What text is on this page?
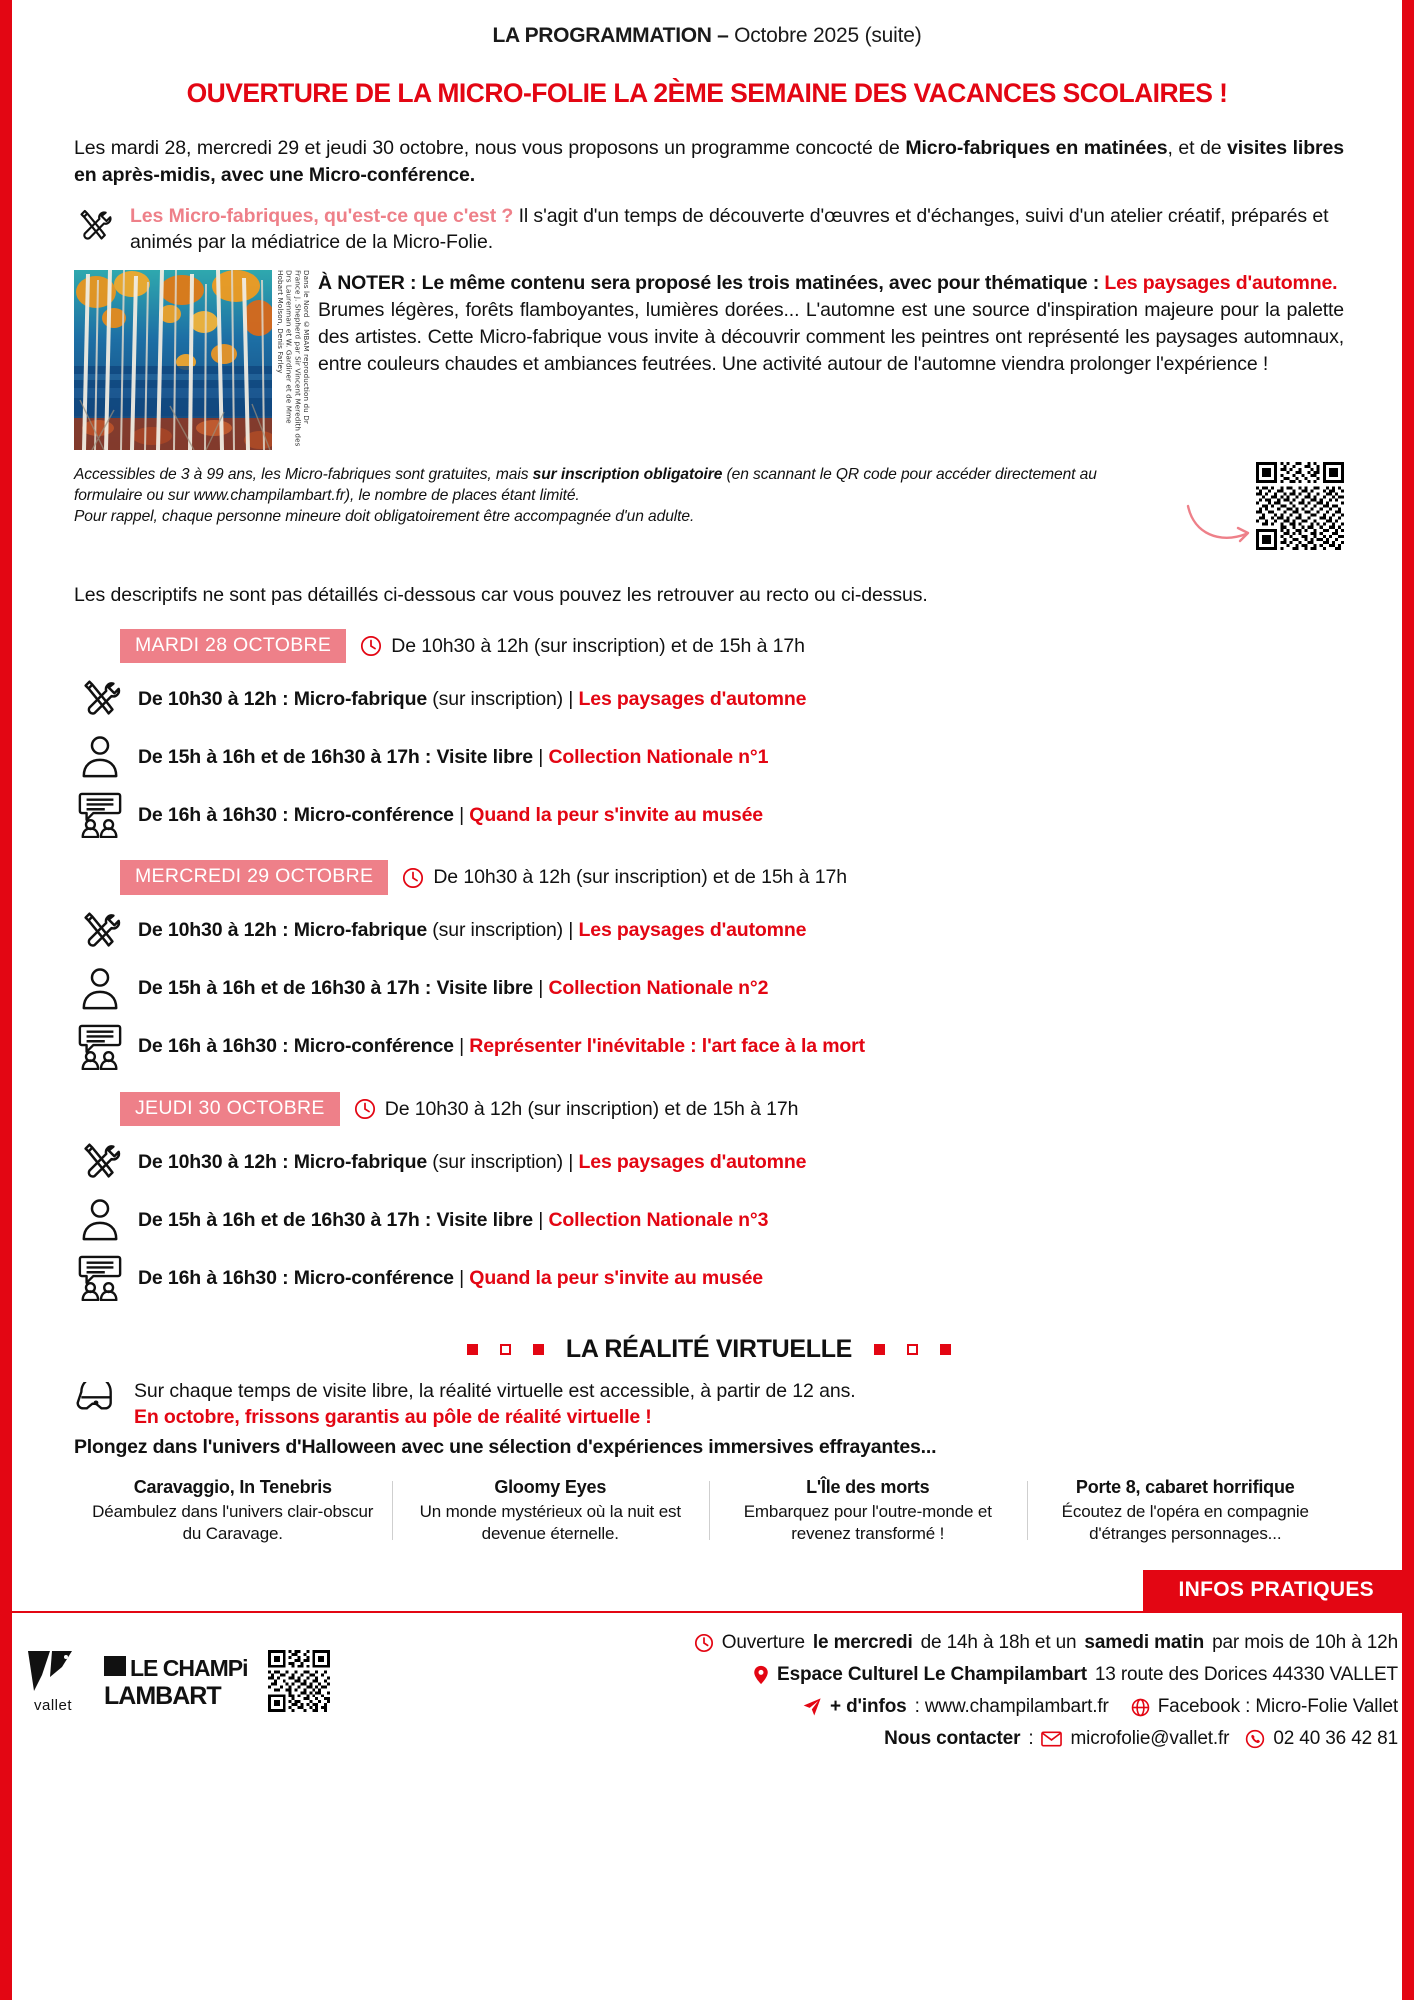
LA PROGRAMMATION – Octobre 2025 (suite)
OUVERTURE DE LA MICRO-FOLIE LA 2ÈME SEMAINE DES VACANCES SCOLAIRES !
Les mardi 28, mercredi 29 et jeudi 30 octobre, nous vous proposons un programme concocté de Micro-fabriques en matinées, et de visites libres en après-midis, avec une Micro-conférence.
Les Micro-fabriques, qu'est-ce que c'est ? Il s'agit d'un temps de découverte d'œuvres et d'échanges, suivi d'un atelier créatif, préparés et animés par la médiatrice de la Micro-Folie.
Dans le Nord ©MBAM reproduction du Dr France J. Shepherd par Sir Vincent Meredith des Drs Laurenman et W. Gardiner et de Mme Hobart Molson, Denis Farley	À NOTER : Le même contenu sera proposé les trois matinées, avec pour thématique : Les paysages d'automne.
Brumes légères, forêts flamboyantes, lumières dorées... L'automne est une source d'inspiration majeure pour la palette des artistes. Cette Micro-fabrique vous invite à découvrir comment les peintres ont représenté les paysages automnaux, entre couleurs chaudes et ambiances feutrées. Une activité autour de l'automne viendra prolonger l'expérience !
Accessibles de 3 à 99 ans, les Micro-fabriques sont gratuites, mais sur inscription obligatoire (en scannant le QR code pour accéder directement au formulaire ou sur www.champilambart.fr), le nombre de places étant limité.
Pour rappel, chaque personne mineure doit obligatoirement être accompagnée d'un adulte.
Les descriptifs ne sont pas détaillés ci-dessous car vous pouvez les retrouver au recto ou ci-dessus.
MARDI 28 OCTOBRE	De 10h30 à 12h (sur inscription) et de 15h à 17h
De 10h30 à 12h : Micro-fabrique (sur inscription) | Les paysages d'automne
De 15h à 16h et de 16h30 à 17h : Visite libre | Collection Nationale n°1
De 16h à 16h30 : Micro-conférence | Quand la peur s'invite au musée
MERCREDI 29 OCTOBRE	De 10h30 à 12h (sur inscription) et de 15h à 17h
De 10h30 à 12h : Micro-fabrique (sur inscription) | Les paysages d'automne
De 15h à 16h et de 16h30 à 17h : Visite libre | Collection Nationale n°2
De 16h à 16h30 : Micro-conférence | Représenter l'inévitable : l'art face à la mort
JEUDI 30 OCTOBRE	De 10h30 à 12h (sur inscription) et de 15h à 17h
De 10h30 à 12h : Micro-fabrique (sur inscription) | Les paysages d'automne
De 15h à 16h et de 16h30 à 17h : Visite libre | Collection Nationale n°3
De 16h à 16h30 : Micro-conférence | Quand la peur s'invite au musée
LA RÉALITÉ VIRTUELLE
Sur chaque temps de visite libre, la réalité virtuelle est accessible, à partir de 12 ans.
En octobre, frissons garantis au pôle de réalité virtuelle !
Plongez dans l'univers d'Halloween avec une sélection d'expériences immersives effrayantes...
Caravaggio, In Tenebris
Déambulez dans l'univers clair-obscur du Caravage.
Gloomy Eyes
Un monde mystérieux où la nuit est devenue éternelle.
L'Île des morts
Embarquez pour l'outre-monde et revenez transformé !
Porte 8, cabaret horrifique
Écoutez de l'opéra en compagnie d'étranges personnages...
INFOS PRATIQUES
vallet
LE CHAMPi
LAMBART
Ouverture le mercredi de 14h à 18h et un samedi matin par mois de 10h à 12h
Espace Culturel Le Champilambart 13 route des Dorices 44330 VALLET
+ d'infos : www.champilambart.fr	Facebook : Micro-Folie Vallet
Nous contacter : microfolie@vallet.fr 02 40 36 42 81
